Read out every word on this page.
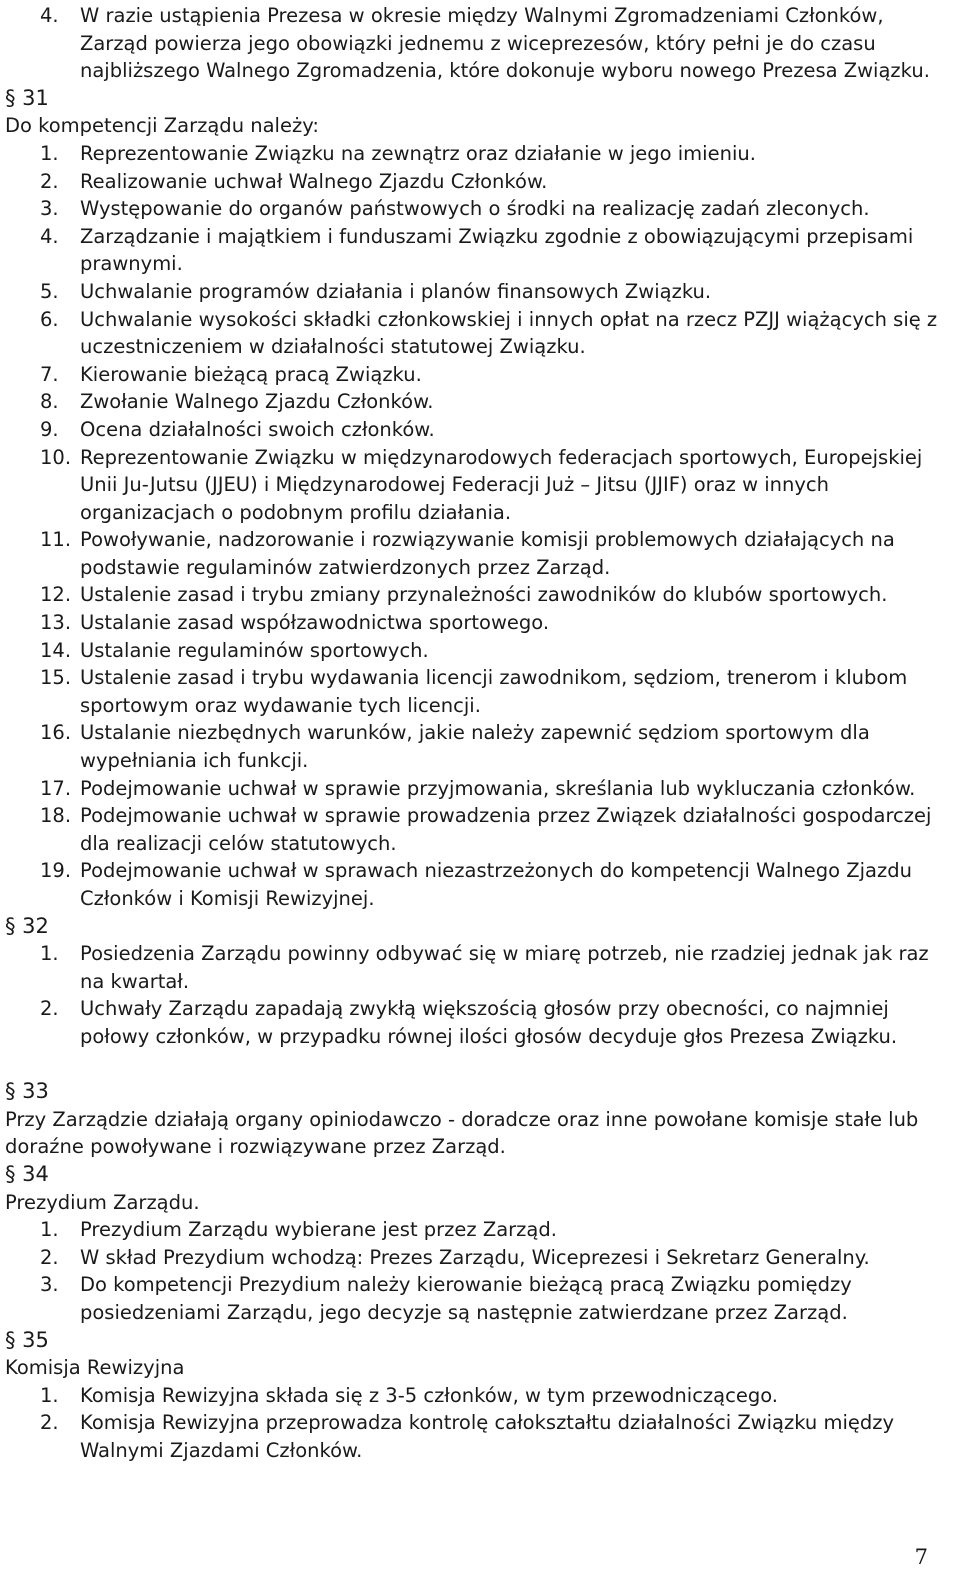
4.	W razie ustąpienia Prezesa w okresie między Walnymi Zgromadzeniami Członków, Zarząd powierza jego obowiązki jednemu z wiceprezesów, który pełni je do czasu najbliższego Walnego Zgromadzenia, które dokonuje wyboru nowego Prezesa Związku.
§ 31
Do kompetencji Zarządu należy:
1.	Reprezentowanie Związku na zewnątrz oraz działanie w jego imieniu.
2.	Realizowanie uchwał Walnego Zjazdu Członków.
3.	Występowanie do organów państwowych o środki na realizację zadań zleconych.
4.	Zarządzanie i majątkiem i funduszami Związku zgodnie z obowiązującymi przepisami prawnymi.
5.	Uchwalanie programów działania i planów finansowych Związku.
6.	Uchwalanie wysokości składki członkowskiej i innych opłat na rzecz PZJJ wiążących się z uczestniczeniem w działalności statutowej Związku.
7.	Kierowanie bieżącą pracą Związku.
8.	Zwołanie Walnego Zjazdu Członków.
9.	Ocena działalności swoich członków.
10. Reprezentowanie Związku w międzynarodowych federacjach sportowych, Europejskiej Unii Ju-Jutsu (JJEU) i Międzynarodowej Federacji Już – Jitsu (JJIF) oraz w innych organizacjach o podobnym profilu działania.
11. Powoływanie, nadzorowanie i rozwiązywanie komisji problemowych działających na podstawie regulaminów zatwierdzonych przez Zarząd.
12. Ustalenie zasad i trybu zmiany przynależności zawodników do klubów sportowych.
13. Ustalanie zasad współzawodnictwa sportowego.
14. Ustalanie regulaminów sportowych.
15. Ustalenie zasad i trybu wydawania licencji zawodnikom, sędziom, trenerom i klubom sportowym oraz wydawanie tych licencji.
16. Ustalanie niezbędnych warunków, jakie należy zapewnić sędziom sportowym dla wypełniania ich funkcji.
17. Podejmowanie uchwał w sprawie przyjmowania, skreślania lub wykluczania członków.
18. Podejmowanie uchwał w sprawie prowadzenia przez Związek działalności gospodarczej dla realizacji celów statutowych.
19. Podejmowanie uchwał w sprawach niezastrzeżonych do kompetencji Walnego Zjazdu Członków i Komisji Rewizyjnej.
§ 32
1.	Posiedzenia Zarządu powinny odbywać się w miarę potrzeb, nie rzadziej jednak jak raz na kwartał.
2.	Uchwały Zarządu zapadają zwykłą większością głosów przy obecności, co najmniej połowy członków, w przypadku równej ilości głosów decyduje głos Prezesa Związku.
§ 33
Przy Zarządzie działają organy opiniodawczo - doradcze oraz inne powołane komisje stałe lub doraźne powoływane i rozwiązywane przez Zarząd.
§ 34
Prezydium Zarządu.
1.	Prezydium Zarządu wybierane jest przez Zarząd.
2.	W skład Prezydium wchodzą: Prezes Zarządu, Wiceprezesi i Sekretarz Generalny.
3.	Do kompetencji Prezydium należy kierowanie bieżącą pracą Związku pomiędzy posiedzeniami Zarządu, jego decyzje są następnie zatwierdzane przez Zarząd.
§ 35
Komisja Rewizyjna
1.	Komisja Rewizyjna składa się z 3-5 członków, w tym przewodniczącego.
2.	Komisja Rewizyjna przeprowadza kontrolę całokształtu działalności Związku między Walnymi Zjazdami Członków.
7
